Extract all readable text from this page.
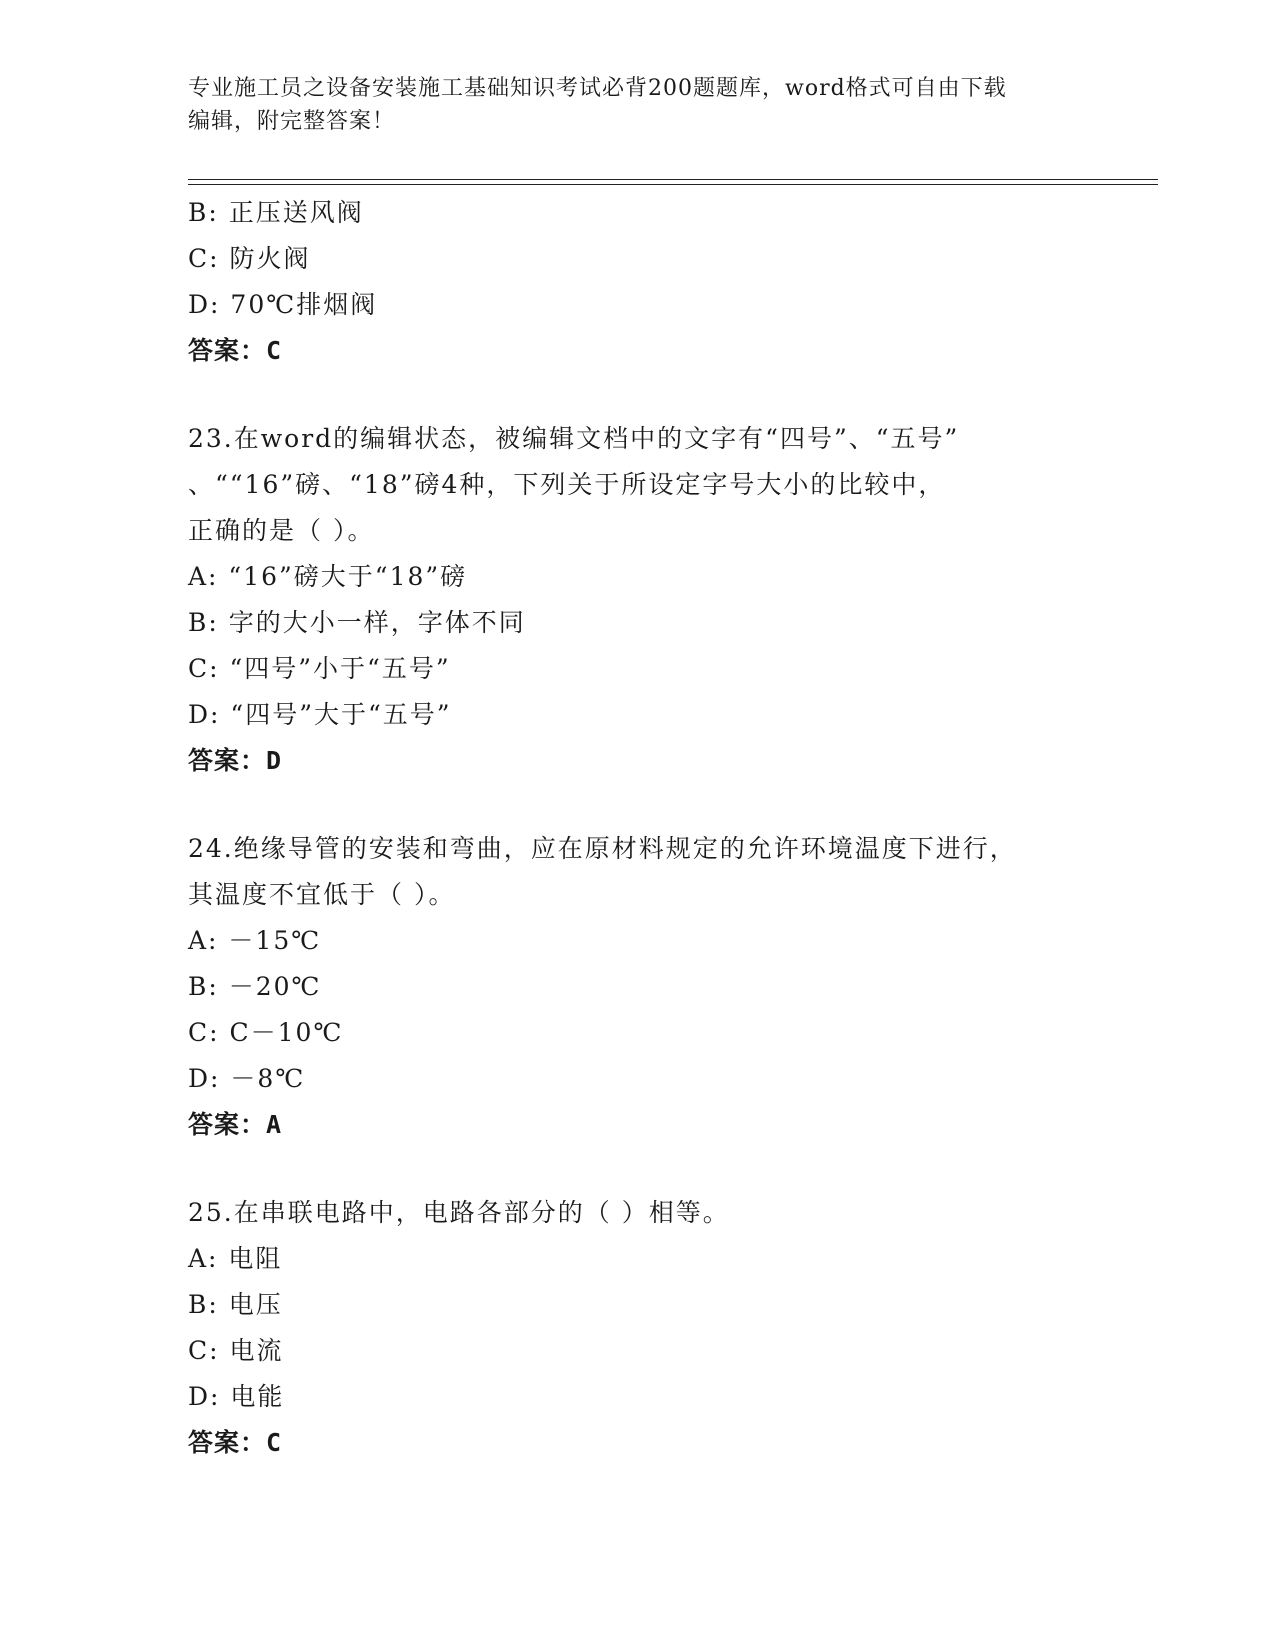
专业施工员之设备安装施工基础知识考试必背200题题库，word格式可自由下载
编辑，附完整答案！
B: 正压送风阀
C: 防火阀
D: 70℃排烟阀
答案：C
23.在word的编辑状态，被编辑文档中的文字有“四号”、“五号”
、““16”磅、“18”磅4种，下列关于所设定字号大小的比较中，
正确的是（ ）。
A: “16”磅大于“18”磅
B: 字的大小一样，字体不同
C: “四号”小于“五号”
D: “四号”大于“五号”
答案：D
24.绝缘导管的安装和弯曲，应在原材料规定的允许环境温度下进行，
其温度不宜低于（ ）。
A: －15℃
B: －20℃
C: C－10℃
D: －8℃
答案：A
25.在串联电路中，电路各部分的（ ）相等。
A: 电阻
B: 电压
C: 电流
D: 电能
答案：C
